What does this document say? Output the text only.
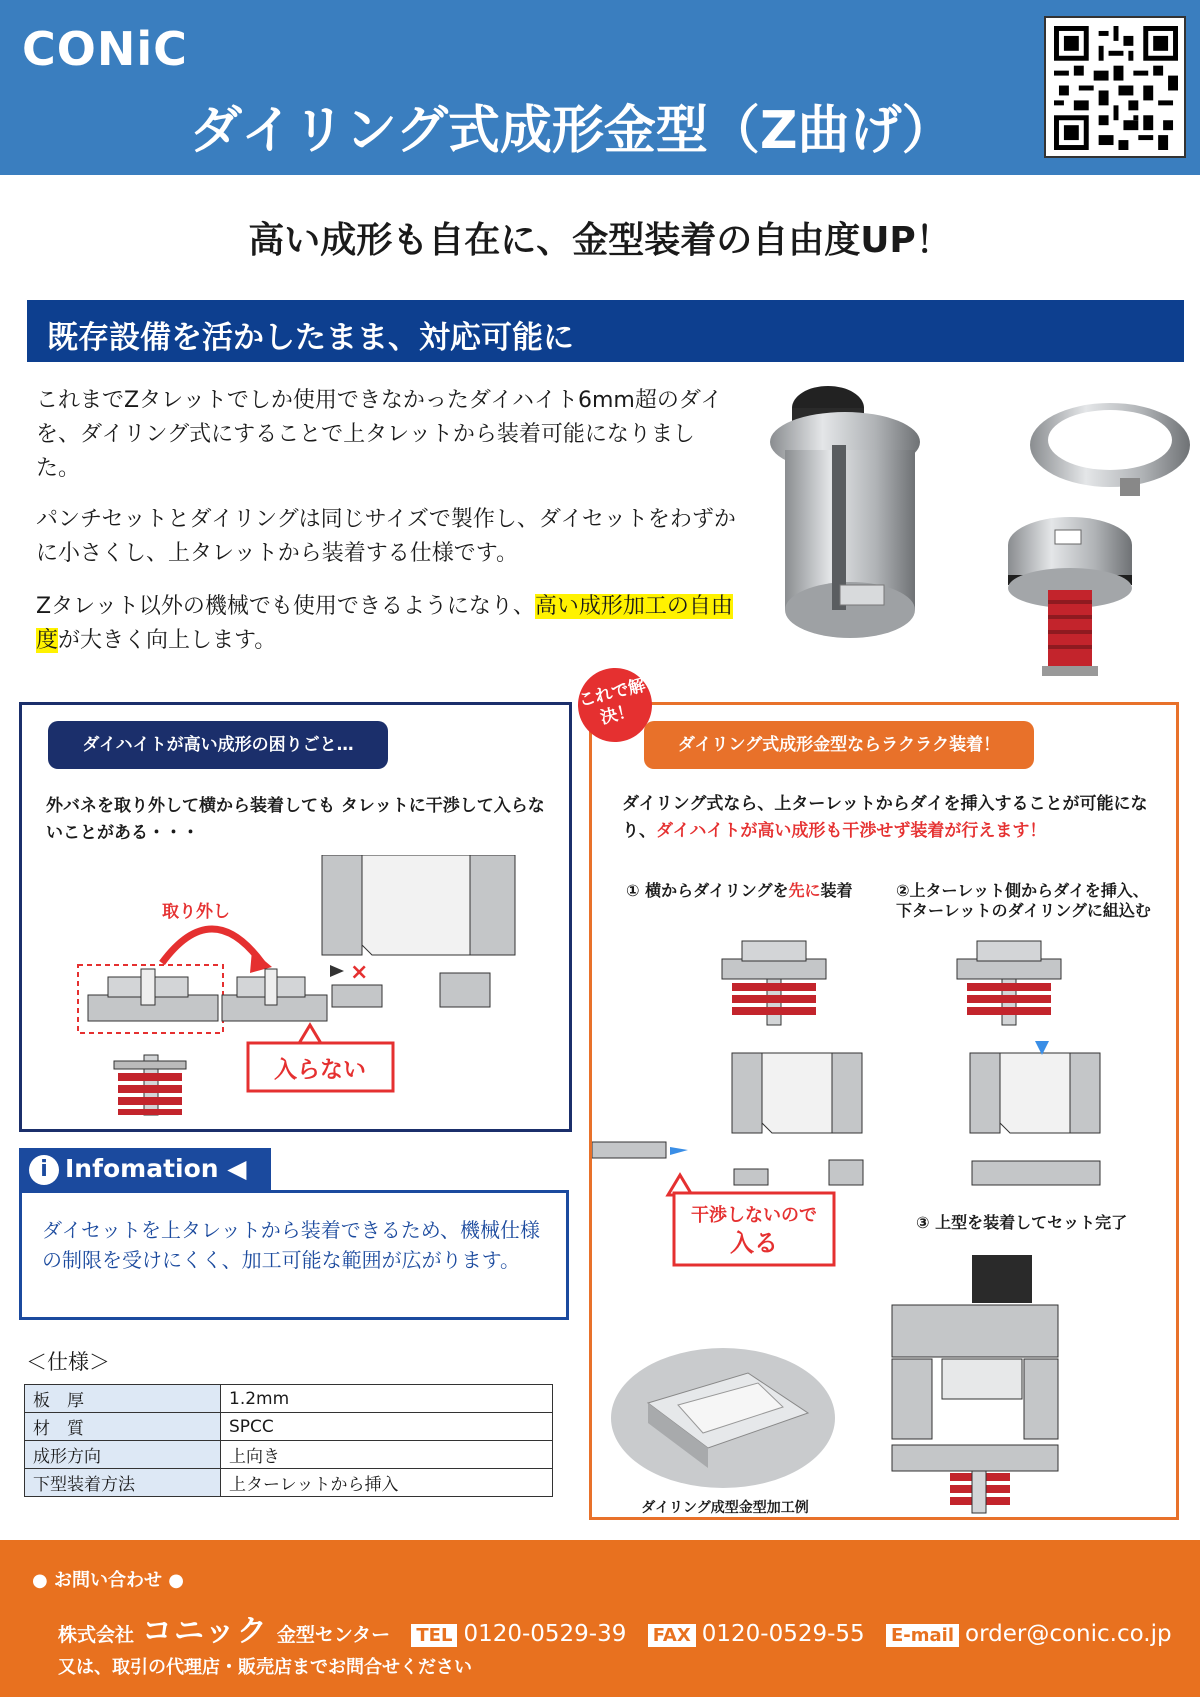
CONiC
ダイリング式成形金型（Z曲げ）
高い成形も自在に、金型装着の自由度UP！
既存設備を活かしたまま、対応可能に

これまでZタレットでしか使用できなかったダイハイト6mm超のダイを、ダイリング式にすることで上タレットから装着可能になりました。

パンチセットとダイリングは同じサイズで製作し、ダイセットをわずかに小さくし、上タレットから装着する仕様です。

Zタレット以外の機械でも使用できるようになり、高い成形加工の自由度が大きく向上します。

ダイハイトが高い成形の困りごと…
外バネを取り外して横から装着しても タレットに干渉して入らないことがある・・・
取り外し
×
入らない
i Infomation ◀
ダイセットを上タレットから装着できるため、機械仕様の制限を受けにくく、加工可能な範囲が広がります。
＜仕様＞
板　厚	1.2mm
材　質	SPCC
成形方向	上向き
下型装着方法	上ターレットから挿入
ダイリング式成形金型ならラクラク装着！
ダイリング式なら、上ターレットからダイを挿入することが可能になり、ダイハイトが高い成形も干渉せず装着が行えます！
① 横からダイリングを先に装着	②上ターレット側からダイを挿入、下ターレットのダイリングに組込む
③ 上型を装着してセット完了
干渉しないので
入る
これで解決！
ダイリング成型金型加工例
● お問い合わせ ●
株式会社 コニック 金型センター TEL 0120-0529-39 FAX 0120-0529-55 E-mail order@conic.co.jp
又は、取引の代理店・販売店までお問合せください
